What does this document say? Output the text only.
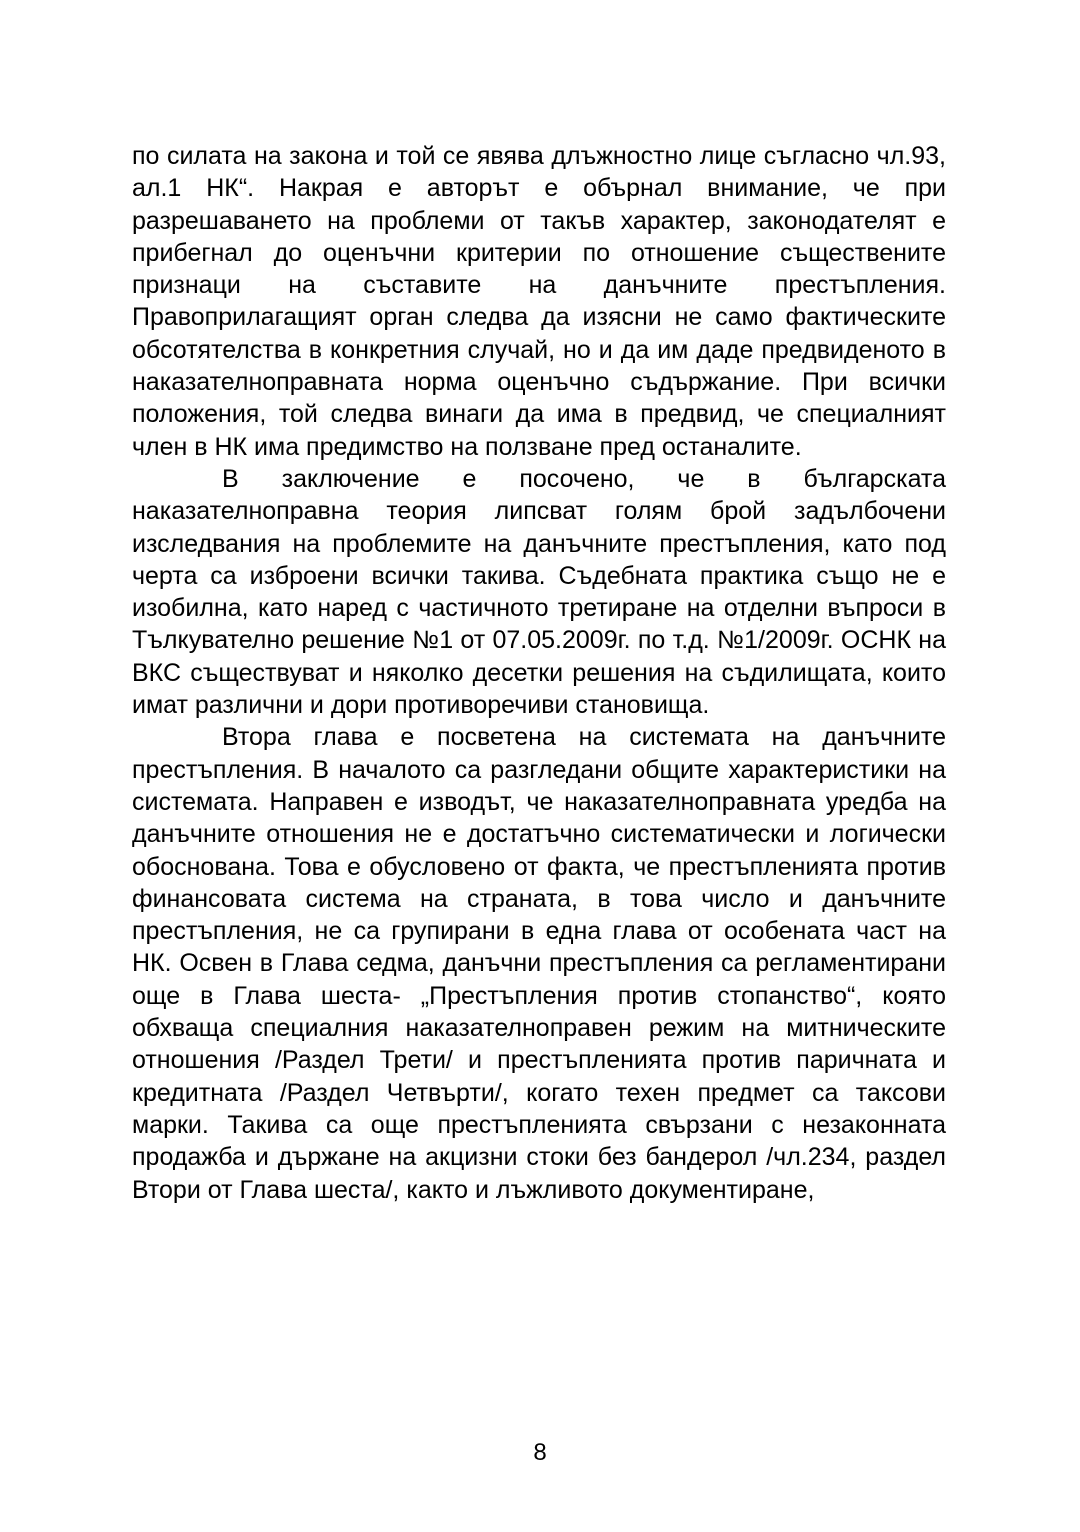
по силата на закона и той се явява длъжностно лице съгласно чл.93, ал.1 НК“. Накрая е авторът е обърнал внимание, че при разрешаването на проблеми от такъв характер, законодателят е прибегнал до оценъчни критерии по отношение съществените признаци на съставите на данъчните престъпления. Правоприлагащият орган следва да изясни не само фактическите обсотятелства в конкретния случай, но и да им даде предвиденото в наказателноправната норма оценъчно съдържание. При всички положения, той следва винаги да има в предвид, че специалният член в НК има предимство на ползване пред останалите.

В заключение е посочено, че в българската наказателноправна теория липсват голям брой задълбочени изследвания на проблемите на данъчните престъпления, като под черта са изброени всички такива. Съдебната практика също не е изобилна, като наред с частичното третиране на отделни въпроси в Тълкувателно решение №1 от 07.05.2009г. по т.д. №1/2009г. ОСНК на ВКС съществуват и няколко десетки решения на съдилищата, които имат различни и дори противоречиви становища.

Втора глава е посветена на системата на данъчните престъпления. В началото са разгледани общите характеристики на системата. Направен е изводът, че наказателноправната уредба на данъчните отношения не е достатъчно систематически и логически обоснована. Това е обусловено от факта, че престъпленията против финансовата система на страната, в това число и данъчните престъпления, не са групирани в една глава от особената част на НК. Освен в Глава седма, данъчни престъпления са регламентирани още в Глава шеста- „Престъпления против стопанство“, която обхваща специалния наказателноправен режим на митническите отношения /Раздел Трети/ и престъпленията против паричната и кредитната /Раздел Четвърти/, когато техен предмет са таксови марки. Такива са още престъпленията свързани с незаконната продажба и държане на акцизни стоки без бандерол /чл.234, раздел Втори от Глава шеста/, както и лъжливото документиране,

8
